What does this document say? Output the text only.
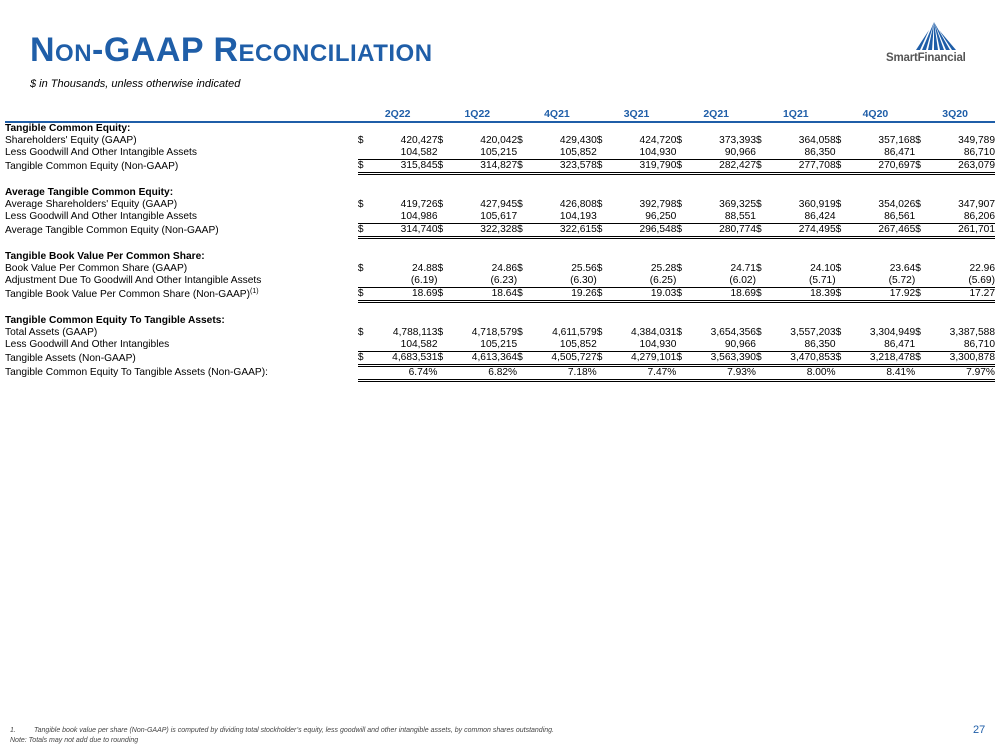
Non-GAAP Reconciliation
$ in Thousands, unless otherwise indicated
SmartFinancial
	2Q22		1Q22		4Q21		3Q21		2Q21		1Q21		4Q20		3Q20	
Tangible Common Equity:																
Shareholders' Equity (GAAP)	$	420,427	$	420,042	$	429,430	$	424,720	$	373,393	$	364,058	$	357,168	$	349,789
Less Goodwill And Other Intangible Assets		104,582		105,215		105,852		104,930		90,966		86,350		86,471		86,710
Tangible Common Equity (Non-GAAP)	$	315,845	$	314,827	$	323,578	$	319,790	$	282,427	$	277,708	$	270,697	$	263,079

Average Tangible Common Equity:																
Average Shareholders' Equity (GAAP)	$	419,726	$	427,945	$	426,808	$	392,798	$	369,325	$	360,919	$	354,026	$	347,907
Less Goodwill And Other Intangible Assets		104,986		105,617		104,193		96,250		88,551		86,424		86,561		86,206
Average Tangible Common Equity (Non-GAAP)	$	314,740	$	322,328	$	322,615	$	296,548	$	280,774	$	274,495	$	267,465	$	261,701

Tangible Book Value Per Common Share:																
Book Value Per Common Share (GAAP)	$	24.88	$	24.86	$	25.56	$	25.28	$	24.71	$	24.10	$	23.64	$	22.96
Adjustment Due To Goodwill And Other Intangible Assets		(6.19)		(6.23)		(6.30)		(6.25)		(6.02)		(5.71)		(5.72)		(5.69)
Tangible Book Value Per Common Share (Non-GAAP)$^{(1)}$	$	18.69	$	18.64	$	19.26	$	19.03	$	18.69	$	18.39	$	17.92	$	17.27

Tangible Common Equity To Tangible Assets:																
Total Assets (GAAP)	$	4,788,113	$	4,718,579	$	4,611,579	$	4,384,031	$	3,654,356	$	3,557,203	$	3,304,949	$	3,387,588
Less Goodwill And Other Intangibles		104,582		105,215		105,852		104,930		90,966		86,350		86,471		86,710
Tangible Assets (Non-GAAP)	$	4,683,531	$	4,613,364	$	4,505,727	$	4,279,101	$	3,563,390	$	3,470,853	$	3,218,478	$	3,300,878
Tangible Common Equity To Tangible Assets (Non-GAAP):		6.74%		6.82%		7.18%		7.47%		7.93%		8.00%		8.41%		7.97%
1.	Tangible book value per share (Non-GAAP) is computed by dividing total stockholder’s equity, less goodwill and other intangible assets, by common shares outstanding.
Note: Totals may not add due to rounding
27
